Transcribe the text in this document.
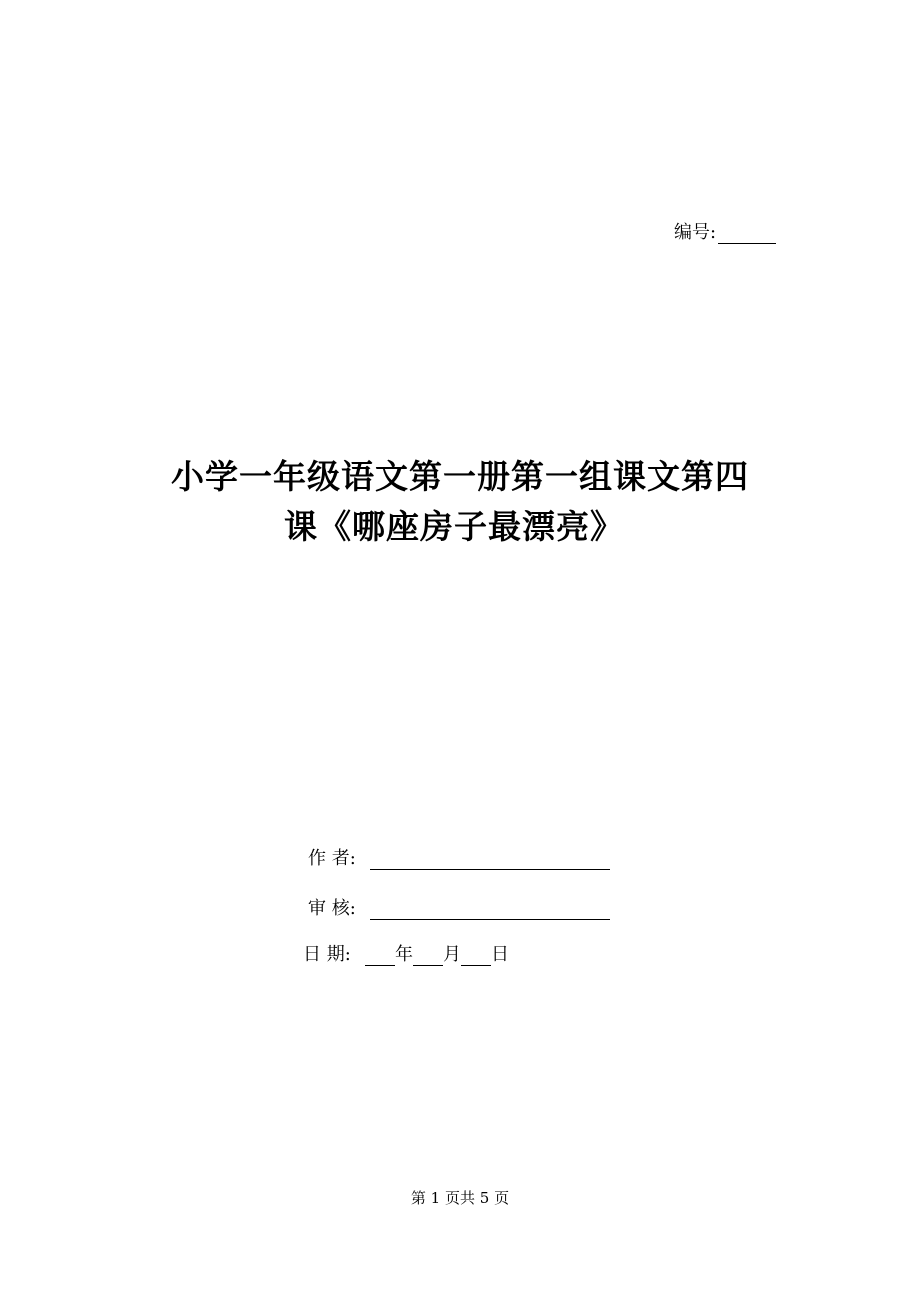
编号:
小学一年级语文第一册第一组课文第四
课《哪座房子最漂亮》
作 者:
审 核:
日 期: 年 月 日
第 1 页共 5 页
